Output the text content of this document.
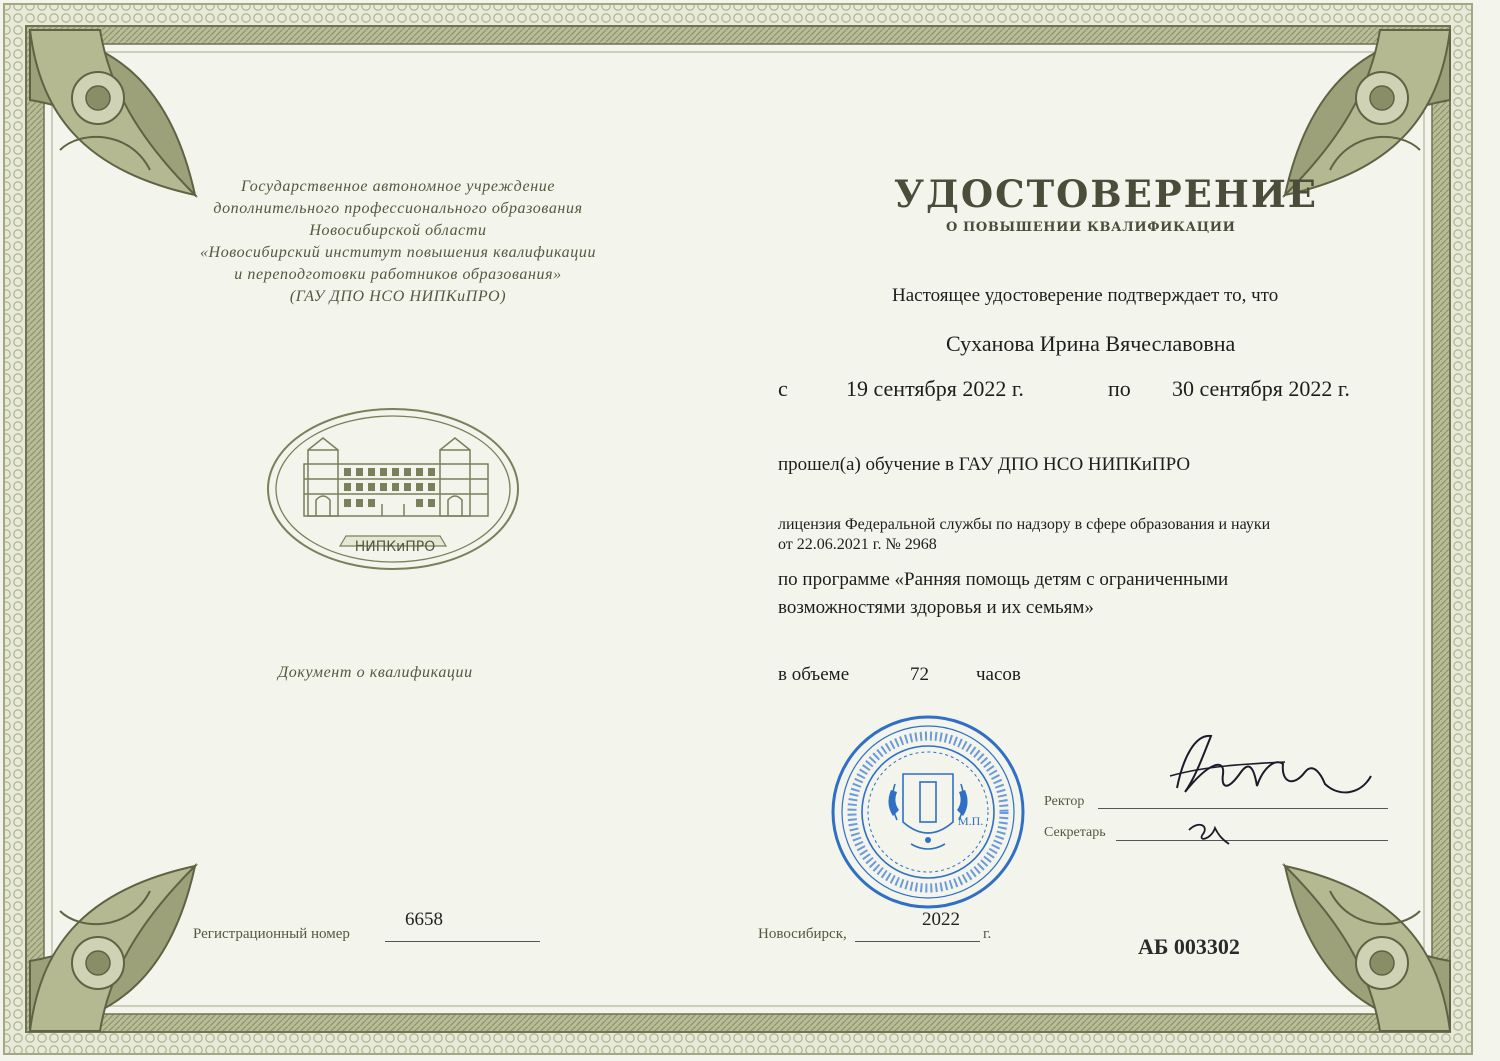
Государственное автономное учреждение
дополнительного профессионального образования
Новосибирской области
«Новосибирский институт повышения квалификации
и переподготовки работников образования»
(ГАУ ДПО НСО НИПКиПРО)
НИПКиПРО
Документ о квалификации
УДОСТОВЕРЕНИЕ
О ПОВЫШЕНИИ КВАЛИФИКАЦИИ
Настоящее удостоверение подтверждает то, что
Суханова Ирина Вячеславовна
с	19 сентября 2022 г.	по 30 сентября 2022 г.
прошел(а) обучение в ГАУ ДПО НСО НИПКиПРО
лицензия Федеральной службы по надзору в сфере образования и науки
от 22.06.2021 г. № 2968
по программе «Ранняя помощь детям с ограниченными
возможностями здоровья и их семьям»
в объеме	72 часов
М.П.
Ректор
Секретарь
Регистрационный номер
6658
Новосибирск,
2022
г.	АБ 003302
